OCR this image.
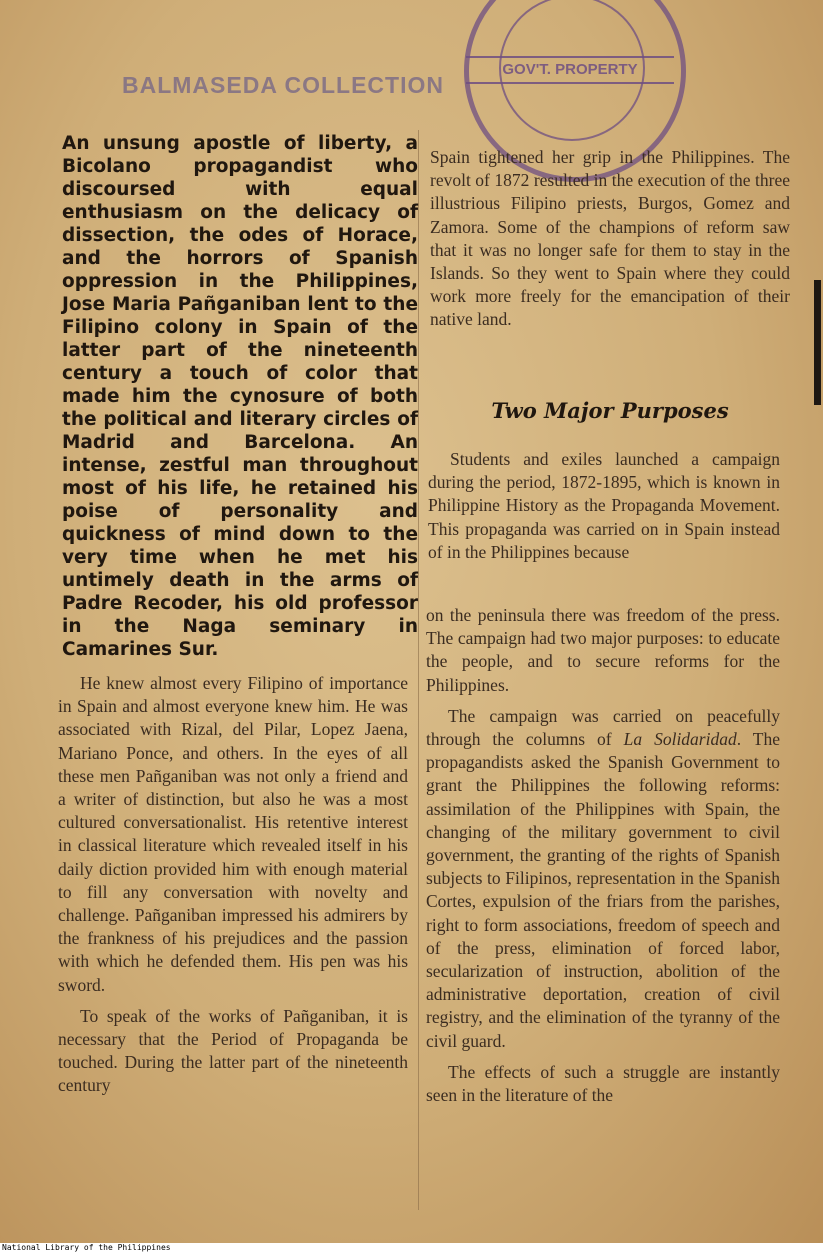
GOV'T. PROPERTY
BALMASEDA COLLECTION

An unsung apostle of liberty, a Bicolano propagandist who discoursed with equal enthusiasm on the delicacy of dissection, the odes of Horace, and the horrors of Spanish oppression in the Philippines, Jose Maria Pañganiban lent to the Filipino colony in Spain of the latter part of the nineteenth century a touch of color that made him the cynosure of both the political and literary circles of Madrid and Barcelona. An intense, zestful man throughout most of his life, he retained his poise of personality and quickness of mind down to the very time when he met his untimely death in the arms of Padre Recoder, his old professor in the Naga seminary in Camarines Sur.

He knew almost every Filipino of importance in Spain and almost everyone knew him. He was associated with Rizal, del Pilar, Lopez Jaena, Mariano Ponce, and others. In the eyes of all these men Pañganiban was not only a friend and a writer of distinction, but also he was a most cultured conversationalist. His retentive interest in classical literature which revealed itself in his daily diction provided him with enough material to fill any conversation with novelty and challenge. Pañganiban impressed his admirers by the frankness of his prejudices and the passion with which he defended them. His pen was his sword.

To speak of the works of Pañganiban, it is necessary that the Period of Propaganda be touched. During the latter part of the nineteenth century

Spain tightened her grip in the Philippines. The revolt of 1872 resulted in the execution of the three illustrious Filipino priests, Burgos, Gomez and Zamora. Some of the champions of reform saw that it was no longer safe for them to stay in the Islands. So they went to Spain where they could work more freely for the emancipation of their native land.

Two Major Purposes

Students and exiles launched a campaign during the period, 1872-1895, which is known in Philippine History as the Propaganda Movement. This propaganda was carried on in Spain instead of in the Philippines because

on the peninsula there was freedom of the press. The campaign had two major purposes: to educate the people, and to secure reforms for the Philippines.

The campaign was carried on peacefully through the columns of La Solidaridad. The propagandists asked the Spanish Government to grant the Philippines the following reforms: assimilation of the Philippines with Spain, the changing of the military government to civil government, the granting of the rights of Spanish subjects to Filipinos, representation in the Spanish Cortes, expulsion of the friars from the parishes, right to form associations, freedom of speech and of the press, elimination of forced labor, secularization of instruction, abolition of the administrative deportation, creation of civil registry, and the elimination of the tyranny of the civil guard.

The effects of such a struggle are instantly seen in the literature of the

National Library of the Philippines
